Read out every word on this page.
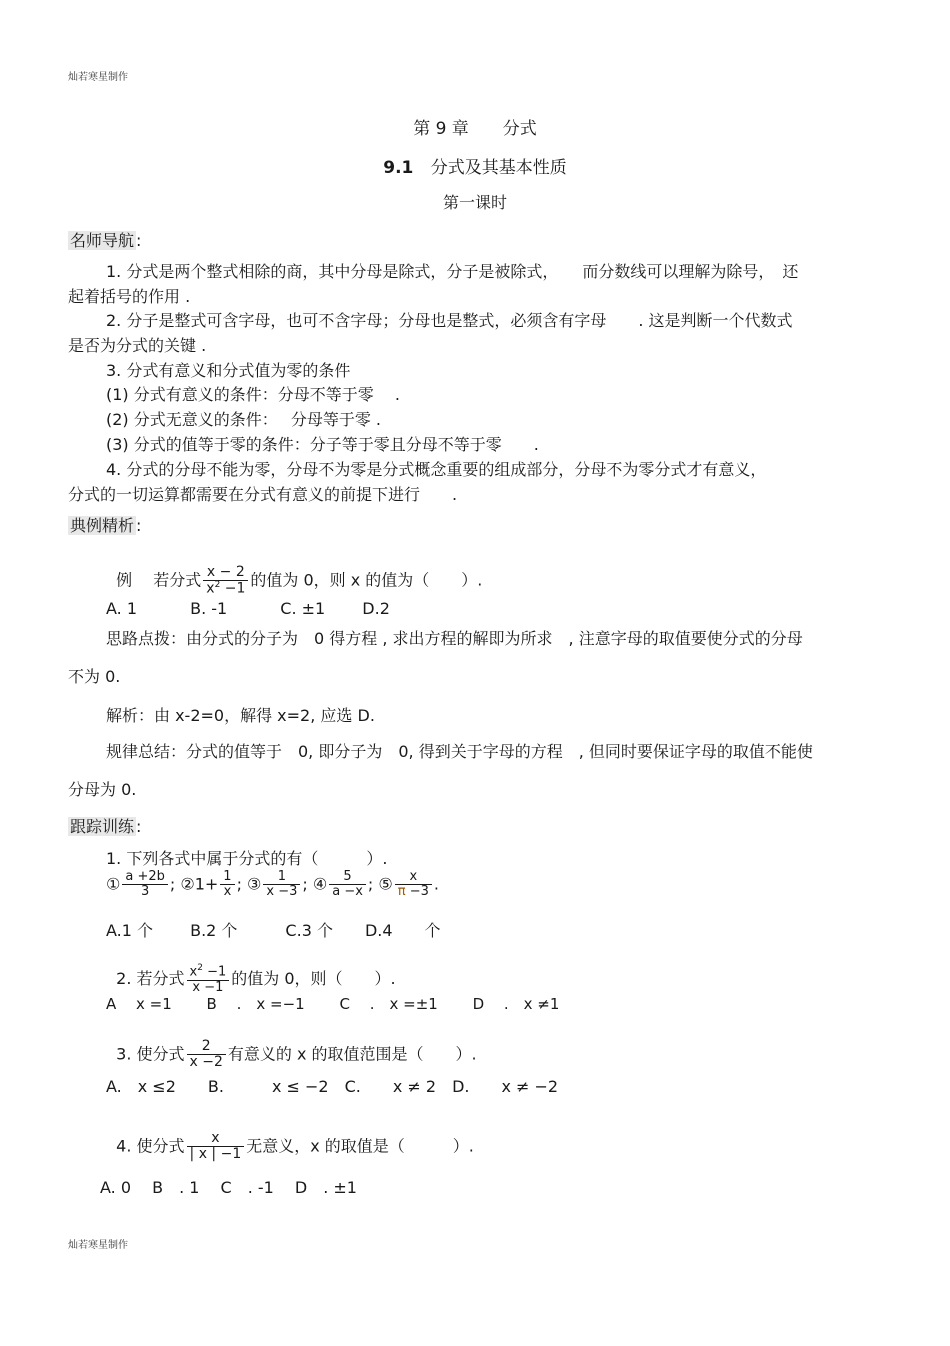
灿若寒星制作
第 9 章　　分式
9.1 分式及其基本性质
第一课时
名师导航 :
1. 分式是两个整式相除的商，其中分母是除式，分子是被除式，　　而分数线可以理解为除号，　还
起着括号的作用 .
2. 分子是整式可含字母，也可不含字母；分母也是整式，必须含有字母　　. 这是判断一个代数式
是否为分式的关键 .
3. 分式有意义和分式值为零的条件
(1) 分式有意义的条件：分母不等于零　 .
(2) 分式无意义的条件：　 分母等于零 .
(3) 分式的值等于零的条件：分子等于零且分母不等于零　　.
4. 分式的分母不能为零，分母不为零是分式概念重要的组成部分，分母不为零分式才有意义，
分式的一切运算都需要在分式有意义的前提下进行　　.
典例精析 :

例　 若分式 $\frac{x - 2}{x^2 -1}$ 的值为 0，则 x 的值为（　　）.

A. 1　　　 B. -1　　　 C. ±1　　 D.2
思路点拨：由分式的分子为　0 得方程 , 求出方程的解即为所求　, 注意字母的取值要使分式的分母
不为 0.
解析：由 x-2=0，解得 x=2, 应选 D.
规律总结：分式的值等于　0, 即分子为　0, 得到关于字母的方程　, 但同时要保证字母的取值不能使
分母为 0.
跟踪训练 :
1. 下列各式中属于分式的有（　　　）.
① $\frac{a +2b}{3}$ ; ②1+ $\frac{1}{x}$ ; ③ $\frac{1}{x -3}$ ; ④ $\frac{5}{a -x}$ ; ⑤ $\frac{x}{\pi -3}$ .
A.1 个　　 B.2 个　　　C.3 个　　D.4　　个

2. 若分式 $\frac{x^2 -1}{x -1}$ 的值为 0，则（　　）.

A　 x =1　　 B　 .　x =−1　　 C　 .　x =±1　　 D　 .　x ≠1

3. 使分式 $\frac{2}{x -2}$ 有意义的 x 的取值范围是（　　）.

A.　x ≤2　　B.　　　x ≤ −2　C.　　x ≠ 2　D.　　x ≠ −2

4. 使分式 $\frac{x}{| x | -1}$ 无意义，x 的取值是（　　　）.

A. 0　 B　. 1　 C　. -1　 D　. ±1
灿若寒星制作
